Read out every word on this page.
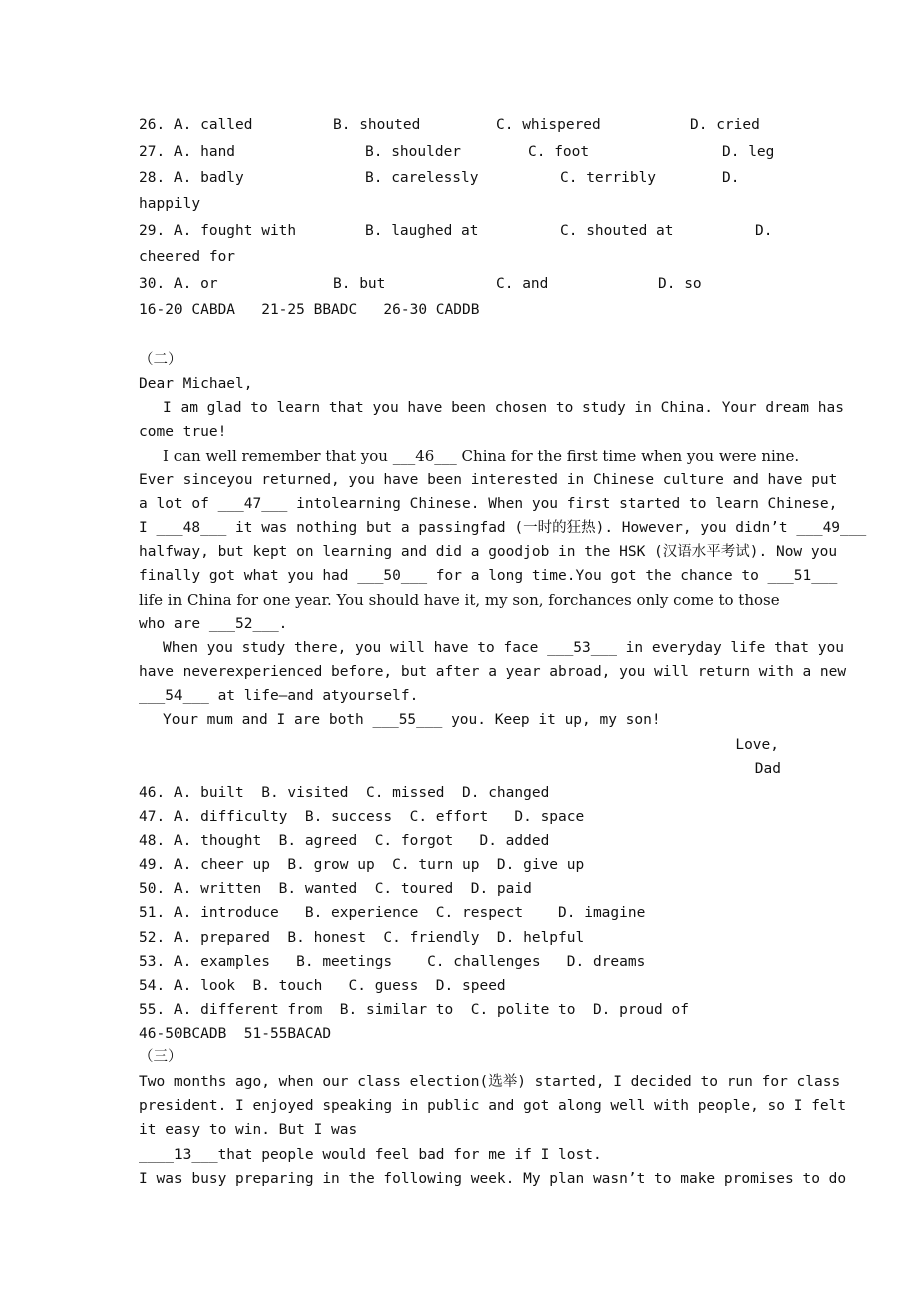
26. A. called	B. shouted	C. whispered	D. cried
27. A. hand	B. shoulder	C. foot	D. leg
28. A. badly	B. carelessly	C. terribly	D.
happily
29. A. fought with	B. laughed at	C. shouted at	D.
cheered for
30. A. or	B. but	C. and	D. so
16-20 CABDA   21-25 BBADC   26-30 CADDB
（二）
Dear Michael,
I am glad to learn that you have been chosen to study in China. Your dream has
come true!
I can well remember that you ___46___ China for the first time when you were nine.
Ever sinceyou returned, you have been interested in Chinese culture and have put
a lot of ___47___ intolearning Chinese. When you first started to learn Chinese,
I ___48___ it was nothing but a passingfad (一时的狂热). However, you didn’t ___49___
halfway, but kept on learning and did a goodjob in the HSK (汉语水平考试). Now you
finally got what you had ___50___ for a long time.You got the chance to ___51___
life in China for one year. You should have it, my son, forchances only come to those
who are ___52___.
When you study there, you will have to face ___53___ in everyday life that you
have neverexperienced before, but after a year abroad, you will return with a new
___54___ at life—and atyourself.
Your mum and I are both ___55___ you. Keep it up, my son!
Love,
Dad
46. A. built  B. visited  C. missed  D. changed
47. A. difficulty  B. success  C. effort   D. space
48. A. thought  B. agreed  C. forgot   D. added
49. A. cheer up  B. grow up  C. turn up  D. give up
50. A. written  B. wanted  C. toured  D. paid
51. A. introduce   B. experience  C. respect    D. imagine
52. A. prepared  B. honest  C. friendly  D. helpful
53. A. examples   B. meetings    C. challenges   D. dreams
54. A. look  B. touch   C. guess  D. speed
55. A. different from  B. similar to  C. polite to  D. proud of
46-50BCADB  51-55BACAD
（三）
Two months ago, when our class election(选举) started, I decided to run for class
president. I enjoyed speaking in public and got along well with people, so I felt
it easy to win. But I was
____13___that people would feel bad for me if I lost.
I was busy preparing in the following week. My plan wasn’t to make promises to do
